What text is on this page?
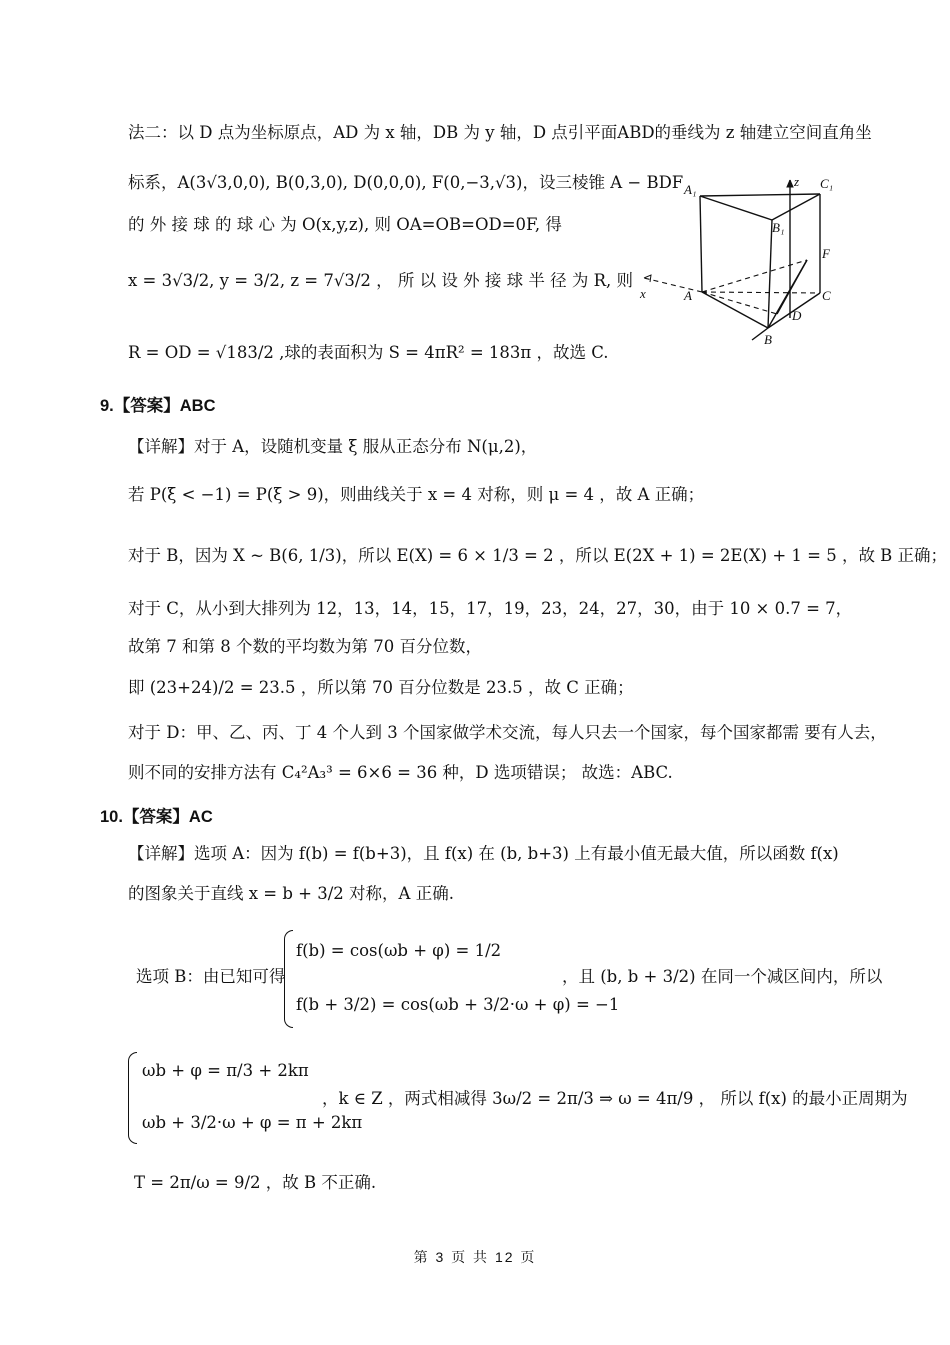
法二：以 D 点为坐标原点，AD 为 x 轴，DB 为 y 轴，D 点引平面ABD的垂线为 z 轴建立空间直角坐
标系，A(3√3,0,0), B(0,3,0), D(0,0,0), F(0,−3,√3)，设三棱锥 A − BDF
的 外 接 球 的 球 心 为 O(x,y,z), 则 OA=OB=OD=0F, 得
x = 3√3/2, y = 3/2, z = 7√3/2 ， 所 以 设 外 接 球 半 径 为 R, 则
R = OD = √183/2 ,球的表面积为 S = 4πR² = 183π ，故选 C.
A₁	C₁
B₁
z
F
x	A	C
D
B
9.【答案】ABC
【详解】对于 A，设随机变量 ξ 服从正态分布 N(μ,2)，
若 P(ξ < −1) = P(ξ > 9)，则曲线关于 x = 4 对称，则 μ = 4 ，故 A 正确；
对于 B，因为 X ~ B(6, 1/3)，所以 E(X) = 6 × 1/3 = 2 ，所以 E(2X + 1) = 2E(X) + 1 = 5 ，故 B 正确；
对于 C，从小到大排列为 12，13，14，15，17，19，23，24，27，30，由于 10 × 0.7 = 7，
故第 7 和第 8 个数的平均数为第 70 百分位数，
即 (23+24)/2 = 23.5 ，所以第 70 百分位数是 23.5 ，故 C 正确；
对于 D：甲、乙、丙、丁 4 个人到 3 个国家做学术交流，每人只去一个国家，每个国家都需 要有人去，
则不同的安排方法有 C₄²A₃³ = 6×6 = 36 种，D 选项错误； 故选：ABC.
10.【答案】AC
【详解】选项 A：因为 f(b) = f(b+3)，且 f(x) 在 (b, b+3) 上有最小值无最大值，所以函数 f(x)
的图象关于直线 x = b + 3/2 对称，A 正确.
选项 B：由已知可得
f(b) = cos(ωb + φ) = 1/2
f(b + 3/2) = cos(ωb + 3/2·ω + φ) = −1
，且 (b, b + 3/2) 在同一个减区间内，所以
ωb + φ = π/3 + 2kπ
ωb + 3/2·ω + φ = π + 2kπ
，k ∈ Z ，两式相减得 3ω/2 = 2π/3 ⇒ ω = 4π/9 ， 所以 f(x) 的最小正周期为
T = 2π/ω = 9/2 ，故 B 不正确.
第 3 页 共 12 页
